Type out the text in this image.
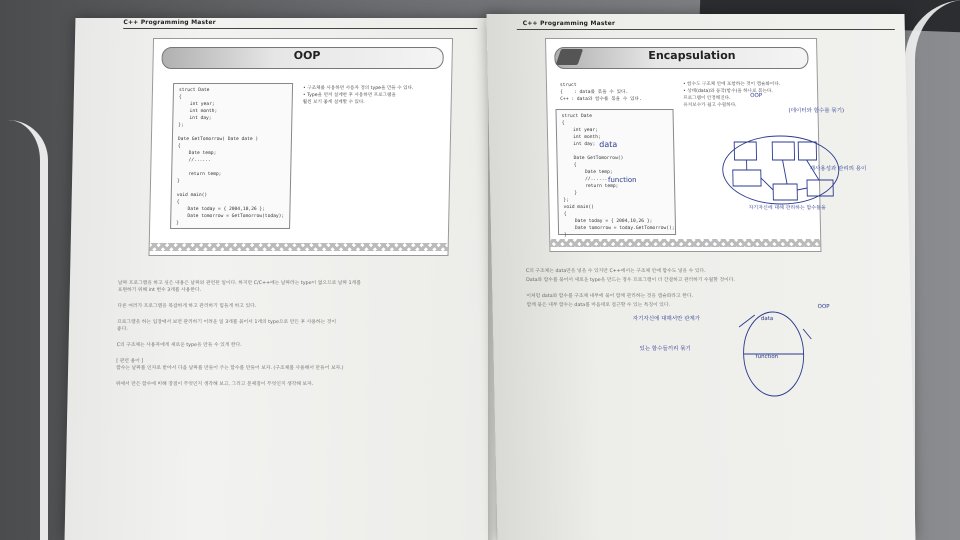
C++ Programming Master
OOP
struct Date
{
int year;
int month;
int day;
};

Date GetTomorrow( Date date )
{
Date temp;
//......

return temp;
}

void main()
{
Date today = { 2004,10,26 };
Date tomorrow = GetTomorrow(today);
}
• 구조체를 사용하면 사용자 정의 type을 만들 수 있다.
• Type을 먼저 설계한 후 사용하면 프로그램을
훨씬 보기 좋게 설계할 수 있다.
날짜 프로그램을 하고 싶은 내용은 날짜와 관련된 일이다. 하지만 C/C++에는 날짜라는 type이 없으므로 날짜 1개를
표현하기 위해 int 변수 3개를 사용한다.
다른 여러가 프로그램을 복잡하게 하고 관리하기 힘들게 하고 있다.
프로그램을 하는 입장에서 보면 관리하기 어려운 일 3개를 묶어서 1개의 type으로 만든 후 사용하는 것이
좋다.
C의 구조체는 사용자에게 새로운 type을 만들 수 있게 한다.
[ 관련 용어 ]
함수는 날짜를 인자로 받아서 다음 날짜를 만들어 주는 함수를 만들어 보자. (구조체를 사용해서 만들어 보자.)
위에서 만든 함수에 비해 장점이 무엇인지 생각해 보고, 그리고 문제점이 무엇인지 생각해 보자.
C++ Programming Master
Encapsulation
struct
{    : data를 묶을 수 있다.
C++ : data와 함수를 묶을 수 있다.
struct Date
{
int year;
int month;
int day;

Date GetTomorrow()
{
Date temp;
//......
return temp;
}
};
void main()
{
Date today = { 2004,10,26 };
Date tomorrow = today.GetTomorrow();
}
• 함수도 구조체 안에 포함하는 것이 캡슐화이다.
• 상태(data)와 동작(함수)을 하나로 묶는다.
프로그램이 안정해진다.
유지보수가 쉽고 수월하다.
data
function
(데이터와 함수를 묶기)
OOP
재사용성과 관리의 용이
자기자신에 대해 관리하는 함수들을
자기자신에 대해서만 관계가
있는 함수들끼리 묶기
OOP
data
function
C의 구조체는 data만을 넣을 수 있지만 C++에서는 구조체 안에 함수도 넣을 수 있다.
Data와 함수를 묶어서 새로운 type을 만드는 경우 프로그램이 더 간결하고 관리하기 수월할 것이다.
이처럼 data와 함수를 구조체 내부에 묶어 함께 관리하는 것을 캡슐화라고 한다.
함께 묶은 내부 함수는 data를 마음대로 접근할 수 있는 특징이 있다.
